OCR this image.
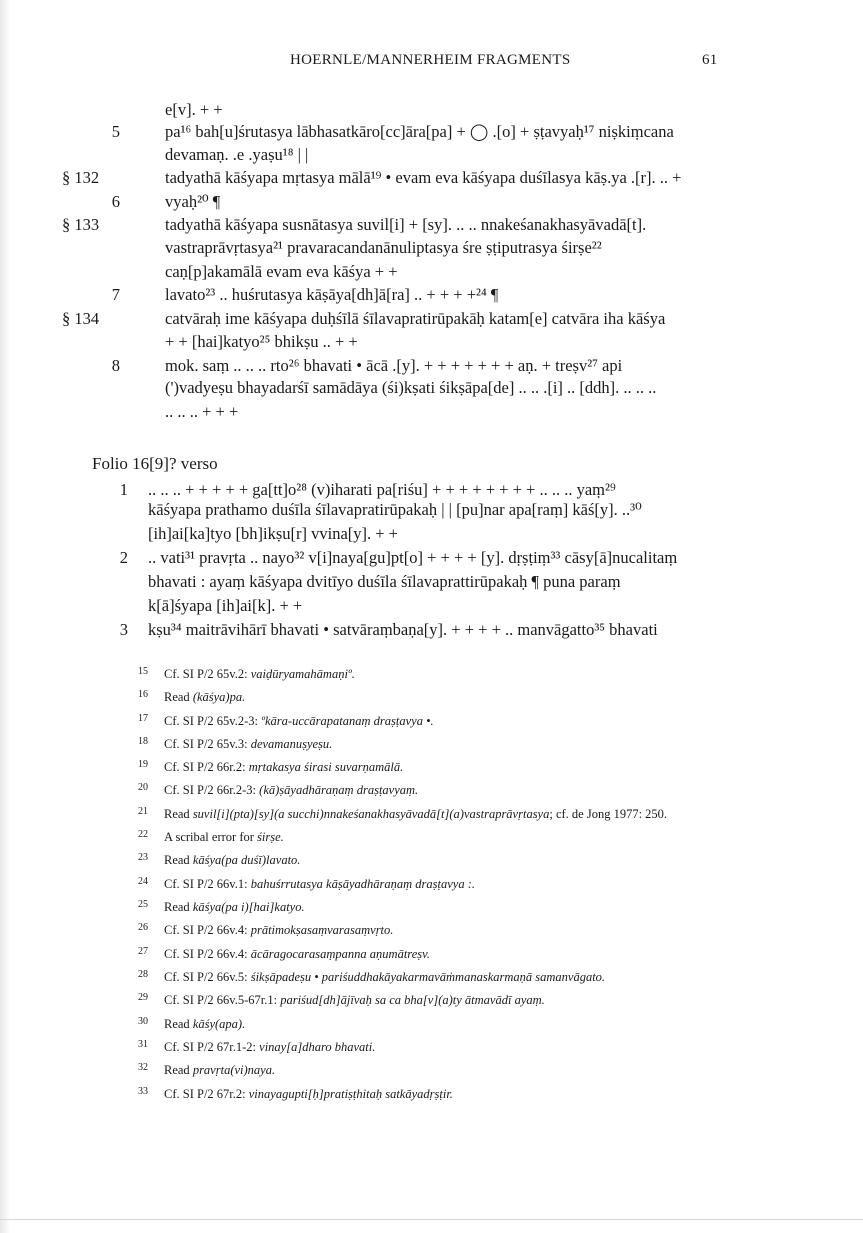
HOERNLE/MANNERHEIM FRAGMENTS	61
e[v]. + +
5	pa¹⁶ bah[u]śrutasya lābhasatkāro[cc]āra[pa] + ◯ .[o] + ṣṭavyaḥ¹⁷ niṣkiṃcana
devamaṇ. .e .yaṣu¹⁸ | |
§ 132	tadyathā kāśyapa mṛtasya mālā¹⁹ • evam eva kāśyapa duśīlasya kāṣ.ya .[r]. .. +
6	vyaḥ²⁰ ¶
§ 133	tadyathā kāśyapa susnātasya suvil[i] + [sy]. .. .. nnakeśanakhasyāvadā[t].
vastraprāvṛtasya²¹ pravaracandanānuliptasya śre ṣṭiputrasya śirṣe²²
caṇ[p]akamālā evam eva kāśya + +
7	lavato²³ .. huśrutasya kāṣāya[dh]ā[ra] .. + + + +²⁴ ¶
§ 134	catvāraḥ ime kāśyapa duḥśīlā śīlavapratirūpakāḥ katam[e] catvāra iha kāśya
+ + [hai]katyo²⁵ bhikṣu .. + +
8	mok. saṃ .. .. .. rto²⁶ bhavati • ācā .[y]. + + + + + + + aṇ. + treṣv²⁷ api
(')vadyeṣu bhayadarśī samādāya (śi)kṣati śikṣāpa[de] .. .. .[i] .. [ddh]. .. .. ..
.. .. .. + + +
Folio 16[9]? verso
1 .. .. .. + + + + + ga[tt]o²⁸ (v)iharati pa[riśu] + + + + + + + + .. .. .. yaṃ²⁹
kāśyapa prathamo duśīla śīlavapratirūpakaḥ | | [pu]nar apa[raṃ] kāś[y]. ..³⁰
[ih]ai[ka]tyo [bh]ikṣu[r] vvina[y]. + +
2 .. vati³¹ pravṛta .. nayo³² v[i]naya[gu]pt[o] + + + + [y]. dṛṣṭiṃ³³ cāsy[ā]nucalitaṃ
bhavati : ayaṃ kāśyapa dvitīyo duśīla śīlavaprattirūpakaḥ ¶ puna paraṃ
k[ā]śyapa [ih]ai[k]. + +
3 kṣu³⁴ maitrāvihārī bhavati • satvāraṃbaṇa[y]. + + + + .. manvāgatto³⁵ bhavati
15 Cf. SI P/2 65v.2: vaiḍūryamahāmaṇiº.
16 Read (kāśya)pa.
17 Cf. SI P/2 65v.2-3: ºkāra-uccārapatanaṃ draṣṭavya •.
18 Cf. SI P/2 65v.3: devamanuṣyeṣu.
19 Cf. SI P/2 66r.2: mṛtakasya śirasi suvarṇamālā.
20 Cf. SI P/2 66r.2-3: (kā)ṣāyadhāraṇaṃ draṣṭavyaṃ.
21 Read suvil[i](pta)[sy](a succhi)nnakeśanakhasyāvadā[t](a)vastraprāvṛtasya; cf. de Jong 1977: 250.
22 A scribal error for śirṣe.
23 Read kāśya(pa duśī)lavato.
24 Cf. SI P/2 66v.1: bahuśrrutasya kāṣāyadhāraṇaṃ draṣṭavya :.
25 Read kāśya(pa i)[hai]katyo.
26 Cf. SI P/2 66v.4: prātimokṣasaṃvarasaṃvṛto.
27 Cf. SI P/2 66v.4: ācāragocarasaṃpanna aṇumātreṣv.
28 Cf. SI P/2 66v.5: śikṣāpadeṣu • pariśuddhakāyakarmavāṁmanaskarmaṇā samanvāgato.
29 Cf. SI P/2 66v.5-67r.1: pariśud[dh]ājīvaḥ sa ca bha[v](a)ty ātmavādī ayaṃ.
30 Read kāśy(apa).
31 Cf. SI P/2 67r.1-2: vinay[a]dharo bhavati.
32 Read pravṛta(vi)naya.
33 Cf. SI P/2 67r.2: vinayagupti[ḥ]pratiṣṭhitaḥ satkāyadṛṣṭir.
